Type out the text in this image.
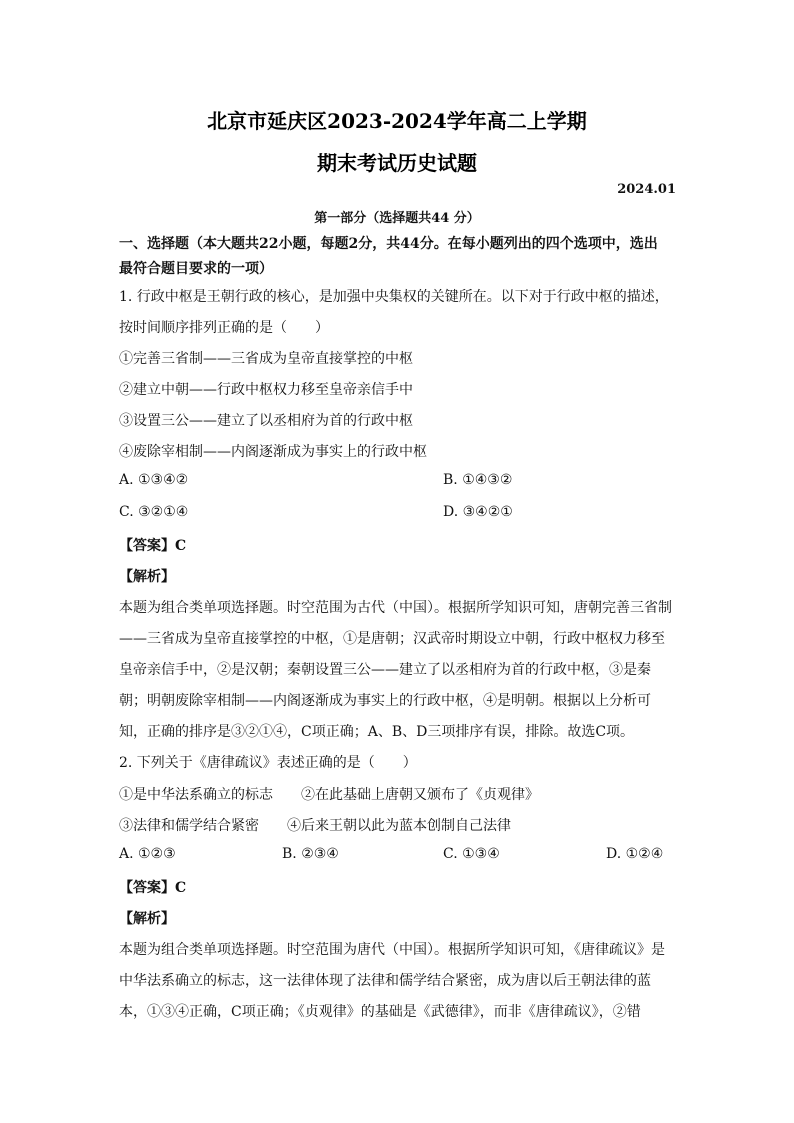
北京市延庆区2023-2024学年高二上学期
期末考试历史试题
2024.01
第一部分（选择题共44 分）
一、选择题（本大题共22小题，每题2分，共44分。在每小题列出的四个选项中，选出
最符合题目要求的一项）
1. 行政中枢是王朝行政的核心，是加强中央集权的关键所在。以下对于行政中枢的描述，
按时间顺序排列正确的是（　　）
①完善三省制——三省成为皇帝直接掌控的中枢
②建立中朝——行政中枢权力移至皇帝亲信手中
③设置三公——建立了以丞相府为首的行政中枢
④废除宰相制——内阁逐渐成为事实上的行政中枢
A. ①③④②	B. ①④③②
C. ③②①④	D. ③④②①
【答案】C
【解析】
本题为组合类单项选择题。时空范围为古代（中国）。根据所学知识可知，唐朝完善三省制
——三省成为皇帝直接掌控的中枢，①是唐朝；汉武帝时期设立中朝，行政中枢权力移至
皇帝亲信手中，②是汉朝；秦朝设置三公——建立了以丞相府为首的行政中枢，③是秦
朝；明朝废除宰相制——内阁逐渐成为事实上的行政中枢，④是明朝。根据以上分析可
知，正确的排序是③②①④，C项正确；A、B、D三项排序有误，排除。故选C项。
2. 下列关于《唐律疏议》表述正确的是（　　）
①是中华法系确立的标志　　②在此基础上唐朝又颁布了《贞观律》
③法律和儒学结合紧密　　④后来王朝以此为蓝本创制自己法律
A. ①②③	B. ②③④	C. ①③④	D. ①②④
【答案】C
【解析】
本题为组合类单项选择题。时空范围为唐代（中国）。根据所学知识可知，《唐律疏议》是
中华法系确立的标志，这一法律体现了法律和儒学结合紧密，成为唐以后王朝法律的蓝
本，①③④正确，C项正确；《贞观律》的基础是《武德律》，而非《唐律疏议》，②错
